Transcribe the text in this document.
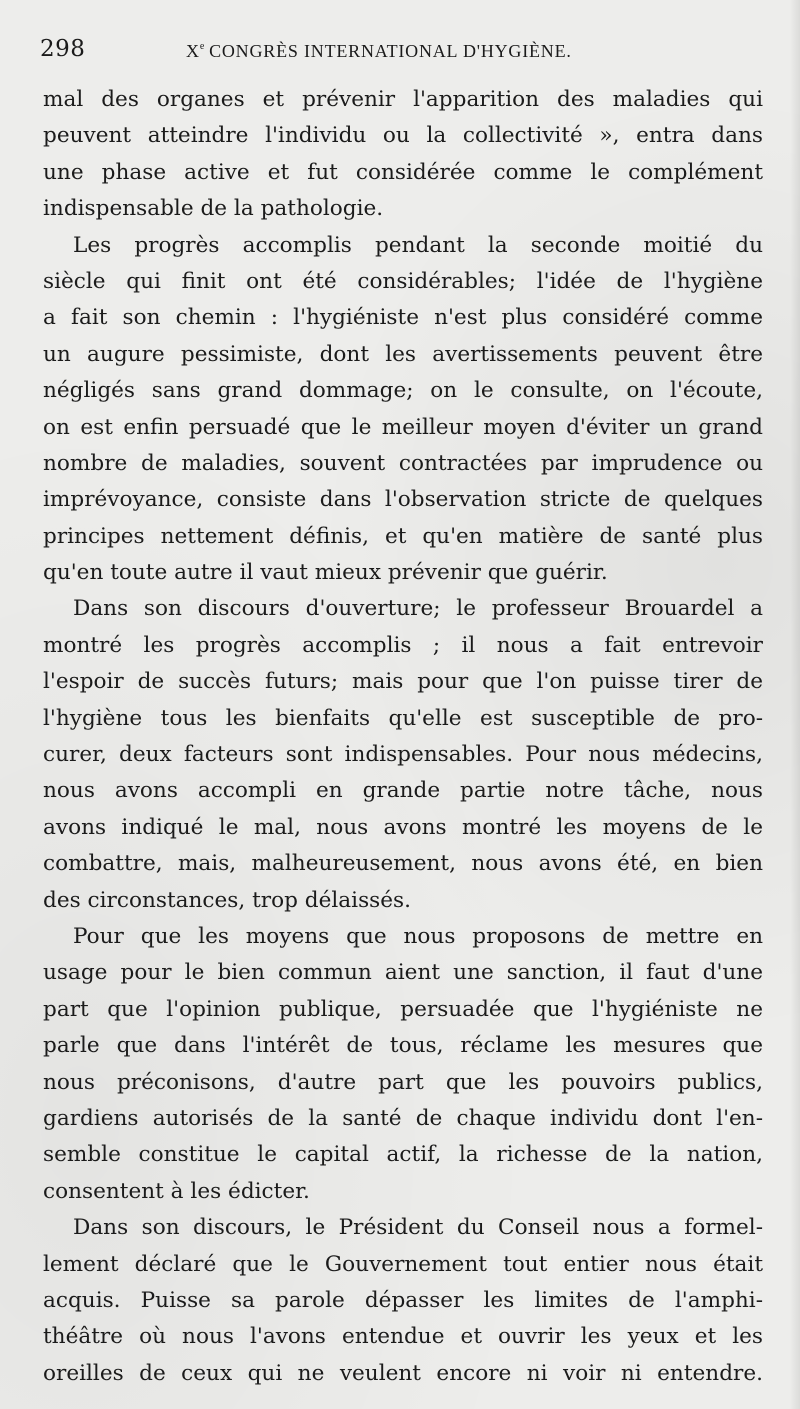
298	Xe CONGRÈS INTERNATIONAL D'HYGIÈNE.
mal des organes et prévenir l'apparition des maladies qui
peuvent atteindre l'individu ou la collectivité », entra dans
une phase active et fut considérée comme le complément
indispensable de la pathologie.
Les progrès accomplis pendant la seconde moitié du
siècle qui finit ont été considérables; l'idée de l'hygiène
a fait son chemin : l'hygiéniste n'est plus considéré comme
un augure pessimiste, dont les avertissements peuvent être
négligés sans grand dommage; on le consulte, on l'écoute,
on est enfin persuadé que le meilleur moyen d'éviter un grand
nombre de maladies, souvent contractées par imprudence ou
imprévoyance, consiste dans l'observation stricte de quelques
principes nettement définis, et qu'en matière de santé plus
qu'en toute autre il vaut mieux prévenir que guérir.
Dans son discours d'ouverture; le professeur Brouardel a
montré les progrès accomplis ; il nous a fait entrevoir
l'espoir de succès futurs; mais pour que l'on puisse tirer de
l'hygiène tous les bienfaits qu'elle est susceptible de pro-
curer, deux facteurs sont indispensables. Pour nous médecins,
nous avons accompli en grande partie notre tâche, nous
avons indiqué le mal, nous avons montré les moyens de le
combattre, mais, malheureusement, nous avons été, en bien
des circonstances, trop délaissés.
Pour que les moyens que nous proposons de mettre en
usage pour le bien commun aient une sanction, il faut d'une
part que l'opinion publique, persuadée que l'hygiéniste ne
parle que dans l'intérêt de tous, réclame les mesures que
nous préconisons, d'autre part que les pouvoirs publics,
gardiens autorisés de la santé de chaque individu dont l'en-
semble constitue le capital actif, la richesse de la nation,
consentent à les édicter.
Dans son discours, le Président du Conseil nous a formel-
lement déclaré que le Gouvernement tout entier nous était
acquis. Puisse sa parole dépasser les limites de l'amphi-
théâtre où nous l'avons entendue et ouvrir les yeux et les
oreilles de ceux qui ne veulent encore ni voir ni entendre.
